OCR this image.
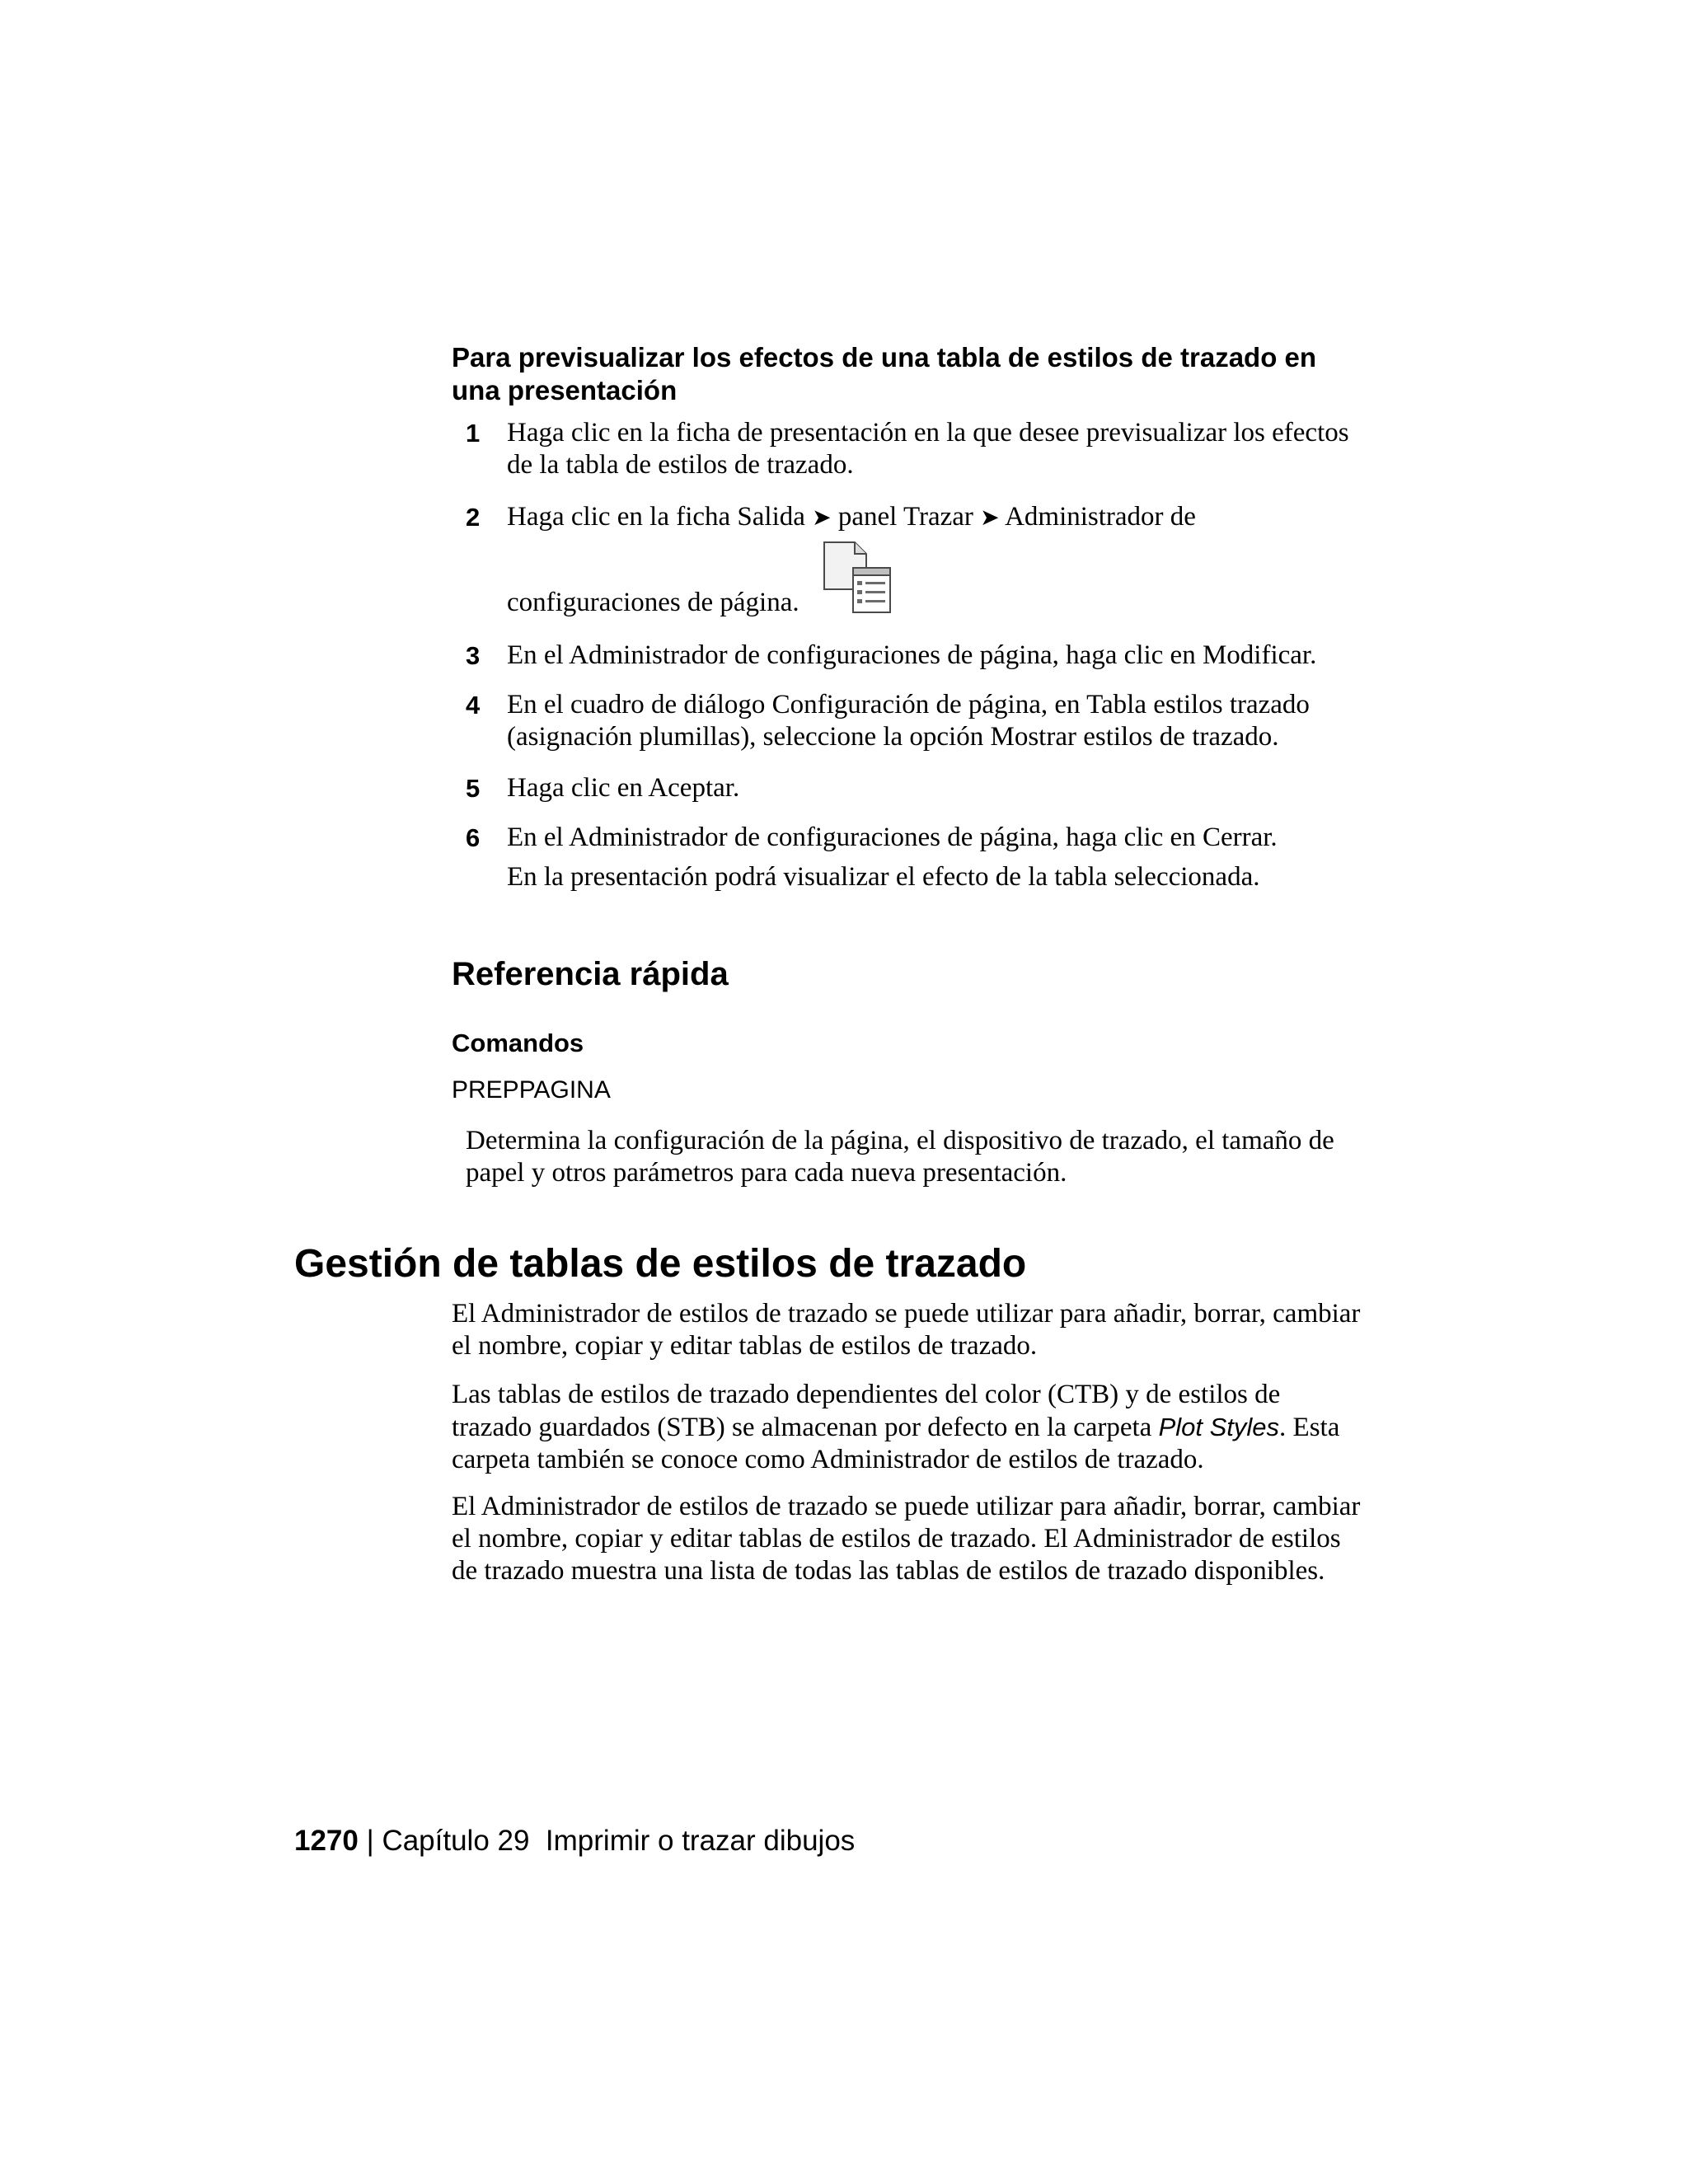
Para previsualizar los efectos de una tabla de estilos de trazado en una presentación
1 Haga clic en la ficha de presentación en la que desee previsualizar los efectos de la tabla de estilos de trazado.
2 Haga clic en la ficha Salida ➤ panel Trazar ➤ Administrador de
configuraciones de página.
3 En el Administrador de configuraciones de página, haga clic en Modificar.
4 En el cuadro de diálogo Configuración de página, en Tabla estilos trazado (asignación plumillas), seleccione la opción Mostrar estilos de trazado.
5 Haga clic en Aceptar.
6 En el Administrador de configuraciones de página, haga clic en Cerrar.
En la presentación podrá visualizar el efecto de la tabla seleccionada.
Referencia rápida
Comandos
PREPPAGINA
Determina la configuración de la página, el dispositivo de trazado, el tamaño de papel y otros parámetros para cada nueva presentación.
Gestión de tablas de estilos de trazado
El Administrador de estilos de trazado se puede utilizar para añadir, borrar, cambiar el nombre, copiar y editar tablas de estilos de trazado.
Las tablas de estilos de trazado dependientes del color (CTB) y de estilos de trazado guardados (STB) se almacenan por defecto en la carpeta Plot Styles. Esta carpeta también se conoce como Administrador de estilos de trazado.
El Administrador de estilos de trazado se puede utilizar para añadir, borrar, cambiar el nombre, copiar y editar tablas de estilos de trazado. El Administrador de estilos de trazado muestra una lista de todas las tablas de estilos de trazado disponibles.
1270 | Capítulo 29 Imprimir o trazar dibujos
